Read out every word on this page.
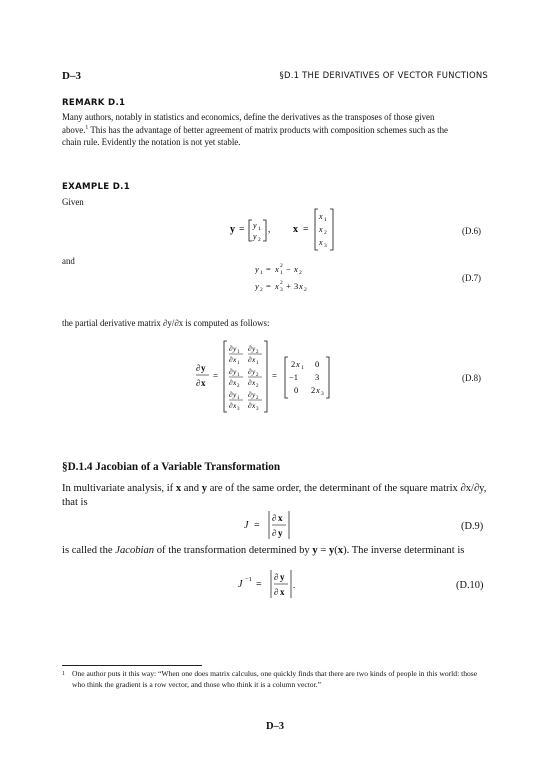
D–3	§D.1 THE DERIVATIVES OF VECTOR FUNCTIONS
REMARK D.1
Many authors, notably in statistics and economics, define the derivatives as the transposes of those given
above.$^1$ This has the advantage of better agreement of matrix products with composition schemes such as the
chain rule. Evidently the notation is not yet stable.
EXAMPLE D.1
Given
y = y 1
y 2
, x =
x 1
x 2
x 3
(D.6)
and
y 1 = x 1
2 − x 2
y 2 = x 3
2 + 3 x 2
(D.7)
the partial derivative matrix ∂y/∂x is computed as follows:
∂ y
∂ x
=
∂ y 1
∂ x 1
∂ y 2
∂ x 1
∂ y 1
∂ x 2
∂ y 2
∂ x 2
∂ y 1
∂ x 3
∂ y 2
∂ x 3
=
2 x 1 0
−1 3
0 2 x 3
(D.8)
§D.1.4 Jacobian of a Variable Transformation
In multivariate analysis, if x and y are of the same order, the determinant of the square matrix ∂x/∂y,
that is
J =
∂ x
∂ y
(D.9)
is called the Jacobian of the transformation determined by y = y(x). The inverse determinant is
J −1 =
∂ y
∂ x
.	(D.10)
1 One author puts it this way: “When one does matrix calculus, one quickly finds that there are two kinds of people in this world: those who think the gradient is a row vector, and those who think it is a column vector.”
D–3
